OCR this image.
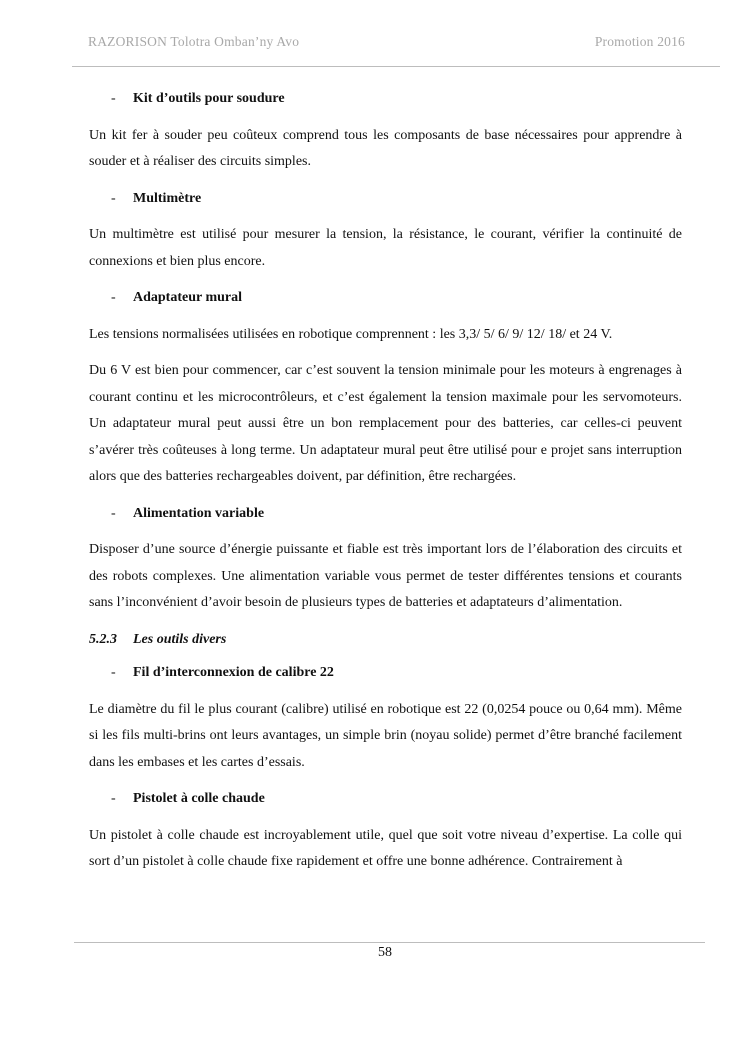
RAZORISON Tolotra Omban’ny Avo	Promotion 2016
- Kit d’outils pour soudure

Un kit fer à souder peu coûteux comprend tous les composants de base nécessaires pour apprendre à souder et à réaliser des circuits simples.

- Multimètre

Un multimètre est utilisé pour mesurer la tension, la résistance, le courant, vérifier la continuité de connexions et bien plus encore.

- Adaptateur mural

Les tensions normalisées utilisées en robotique comprennent : les 3,3/ 5/ 6/ 9/ 12/ 18/ et 24 V.

Du 6 V est bien pour commencer, car c’est souvent la tension minimale pour les moteurs à engrenages à courant continu et les microcontrôleurs, et c’est également la tension maximale pour les servomoteurs. Un adaptateur mural peut aussi être un bon remplacement pour des batteries, car celles-ci peuvent s’avérer très coûteuses à long terme. Un adaptateur mural peut être utilisé pour e projet sans interruption alors que des batteries rechargeables doivent, par définition, être rechargées.

- Alimentation variable

Disposer d’une source d’énergie puissante et fiable est très important lors de l’élaboration des circuits et des robots complexes. Une alimentation variable vous permet de tester différentes tensions et courants sans l’inconvénient d’avoir besoin de plusieurs types de batteries et adaptateurs d’alimentation.

5.2.3 Les outils divers
- Fil d’interconnexion de calibre 22

Le diamètre du fil le plus courant (calibre) utilisé en robotique est 22 (0,0254 pouce ou 0,64 mm). Même si les fils multi-brins ont leurs avantages, un simple brin (noyau solide) permet d’être branché facilement dans les embases et les cartes d’essais.

- Pistolet à colle chaude

Un pistolet à colle chaude est incroyablement utile, quel que soit votre niveau d’expertise. La colle qui sort d’un pistolet à colle chaude fixe rapidement et offre une bonne adhérence. Contrairement à

58
